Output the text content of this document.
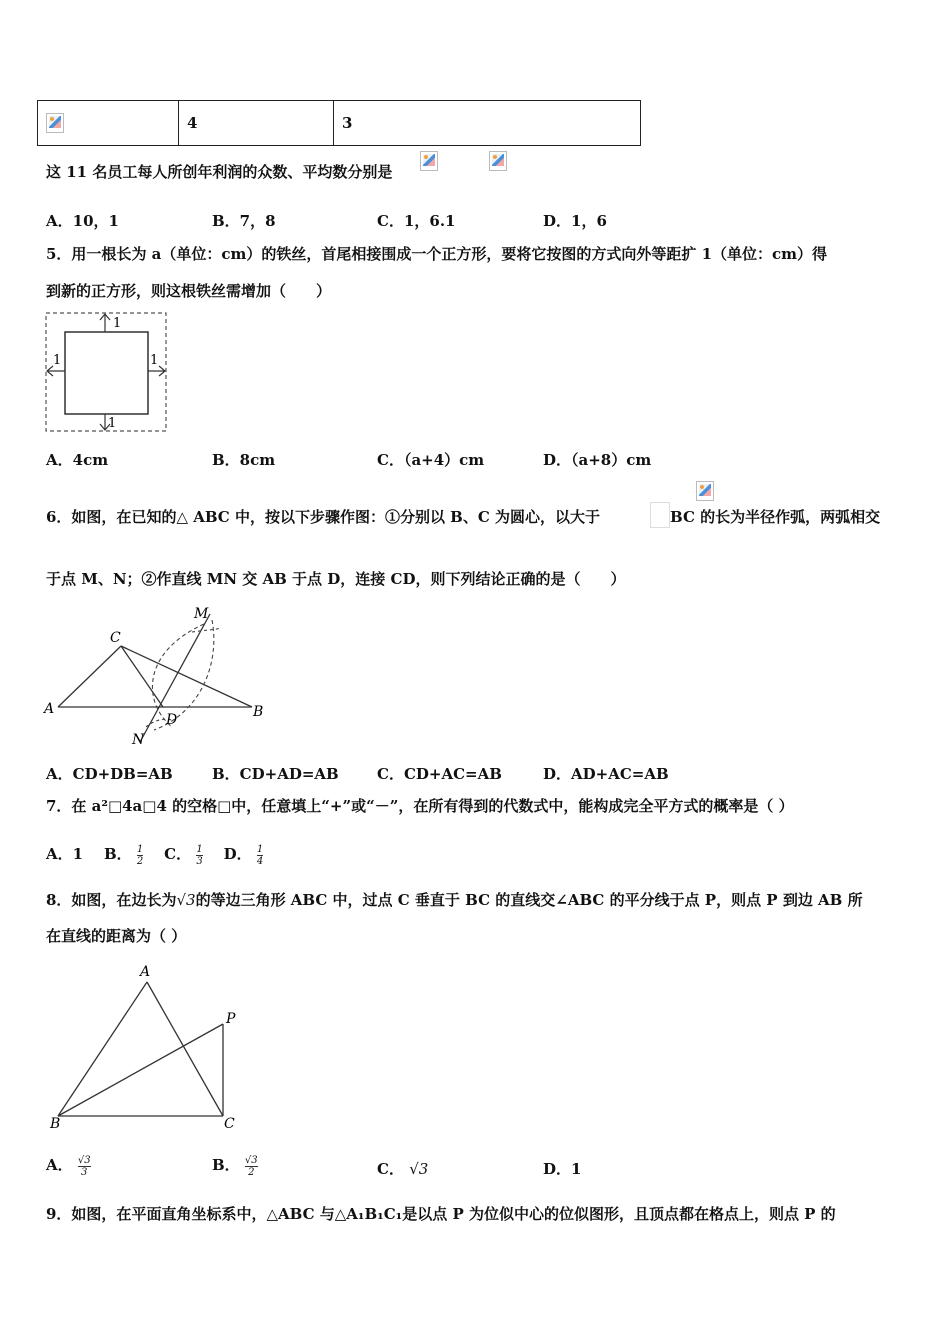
	4	3
这 11 名员工每人所创年利润的众数、平均数分别是

A．10，1	B．7，8	C．1，6.1	D．1，6
5．用一根长为 a（单位：cm）的铁丝，首尾相接围成一个正方形，要将它按图的方式向外等距扩 1（单位：cm）得
到新的正方形，则这根铁丝需增加（　　）
1
1	1
1
A．4cm	B．8cm	C．（a+4）cm	D．（a+8）cm
6．如图，在已知的△ ABC 中，按以下步骤作图：①分别以 B、C 为圆心，以大于	BC 的长为半径作弧，两弧相交
于点 M、N；②作直线 MN 交 AB 于点 D，连接 CD，则下列结论正确的是（　　）
M
C
A	B
D
N
A．CD+DB=AB	B．CD+AD=AB	C．CD+AC=AB	D．AD+AC=AB
7．在 a²□4a□4 的空格□中，任意填上“+”或“－”，在所有得到的代数式中，能构成完全平方式的概率是（ ）
A．1 B． $\frac{1}{2}$ C． $\frac{1}{3}$ D． $\frac{1}{4}$
8．如图，在边长为√3的等边三角形 ABC 中，过点 C 垂直于 BC 的直线交∠ABC 的平分线于点 P，则点 P 到边 AB 所
在直线的距离为（ ）
A
B	C
P
A． $\frac{√3}{3}$	B． $\frac{√3}{2}$	C． √3	D．1
9．如图，在平面直角坐标系中，△ABC 与△A₁B₁C₁是以点 P 为位似中心的位似图形，且顶点都在格点上，则点 P 的
